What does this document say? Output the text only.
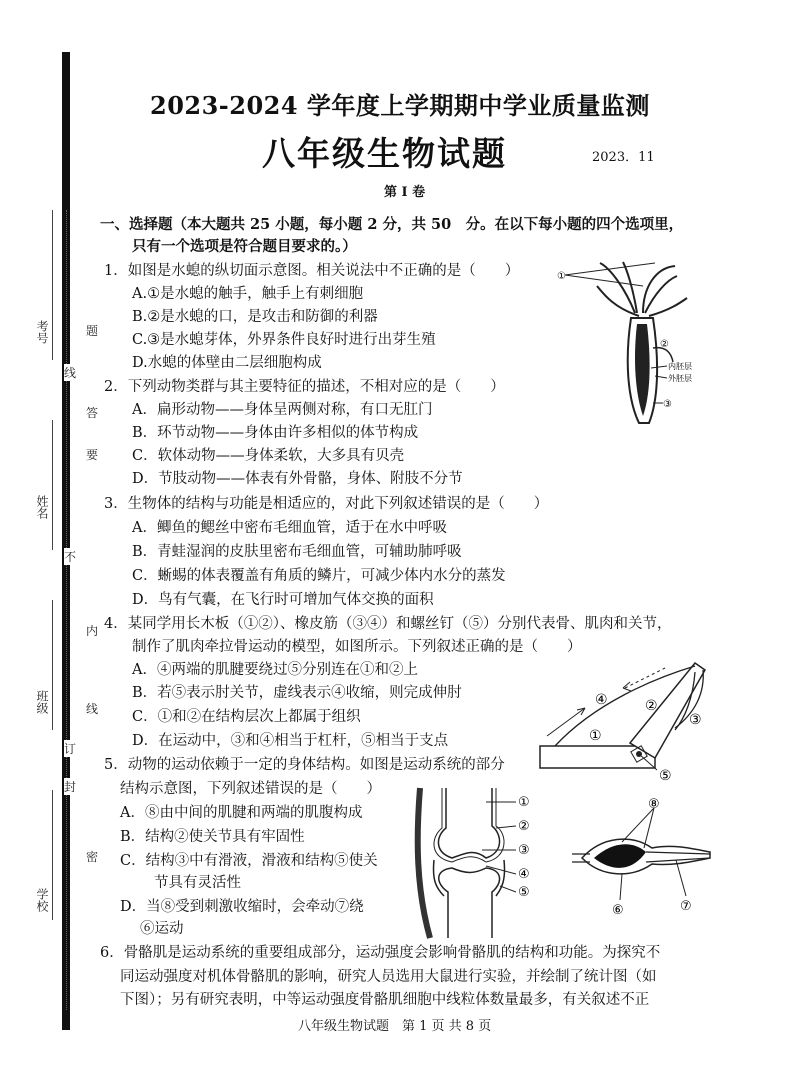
考号
姓名
班级
学校
题
线
答
要
不
内
线
订
封
密
2023-2024 学年度上学期期中学业质量监测
八年级生物试题	2023．11
第 I 卷
一、选择题（本大题共 25 小题，每小题 2 分，共 50　分。在以下每小题的四个选项里，
只有一个选项是符合题目要求的。）
1．如图是水螅的纵切面示意图。相关说法中不正确的是（　　）
A.①是水螅的触手，触手上有刺细胞
B.②是水螅的口，是攻击和防御的利器
C.③是水螅芽体，外界条件良好时进行出芽生殖
D.水螅的体壁由二层细胞构成
2．下列动物类群与其主要特征的描述，不相对应的是（　　）
A．扁形动物——身体呈两侧对称，有口无肛门
B．环节动物——身体由许多相似的体节构成
C．软体动物——身体柔软，大多具有贝壳
D．节肢动物——体表有外骨骼，身体、附肢不分节
3．生物体的结构与功能是相适应的，对此下列叙述错误的是（　　）
A．鲫鱼的鳃丝中密布毛细血管，适于在水中呼吸
B．青蛙湿润的皮肤里密布毛细血管，可辅助肺呼吸
C．蜥蜴的体表覆盖有角质的鳞片，可减少体内水分的蒸发
D．鸟有气囊，在飞行时可增加气体交换的面积
4．某同学用长木板（①②）、橡皮筋（③④）和螺丝钉（⑤）分别代表骨、肌肉和关节，
制作了肌肉牵拉骨运动的模型，如图所示。下列叙述正确的是（　　）
A．④两端的肌腱要绕过⑤分别连在①和②上
B．若⑤表示肘关节，虚线表示④收缩，则完成伸肘
C．①和②在结构层次上都属于组织
D．在运动中，③和④相当于杠杆，⑤相当于支点
5．动物的运动依赖于一定的身体结构。如图是运动系统的部分
结构示意图，下列叙述错误的是（　　）
A．⑧由中间的肌腱和两端的肌腹构成
B．结构②使关节具有牢固性
C．结构③中有滑液，滑液和结构⑤使关
节具有灵活性
D．当⑧受到刺激收缩时，会牵动⑦绕
⑥运动
6．骨骼肌是运动系统的重要组成部分，运动强度会影响骨骼肌的结构和功能。为探究不
同运动强度对机体骨骼肌的影响，研究人员选用大鼠进行实验，并绘制了统计图（如
下图）；另有研究表明，中等运动强度骨骼肌细胞中线粒体数量最多，有关叙述不正
八年级生物试题　第 1 页 共 8 页
①
②
内胚层
外胚层
③
④	②
③
①
⑤
①
②
③
④
⑤
⑧
⑥	⑦
